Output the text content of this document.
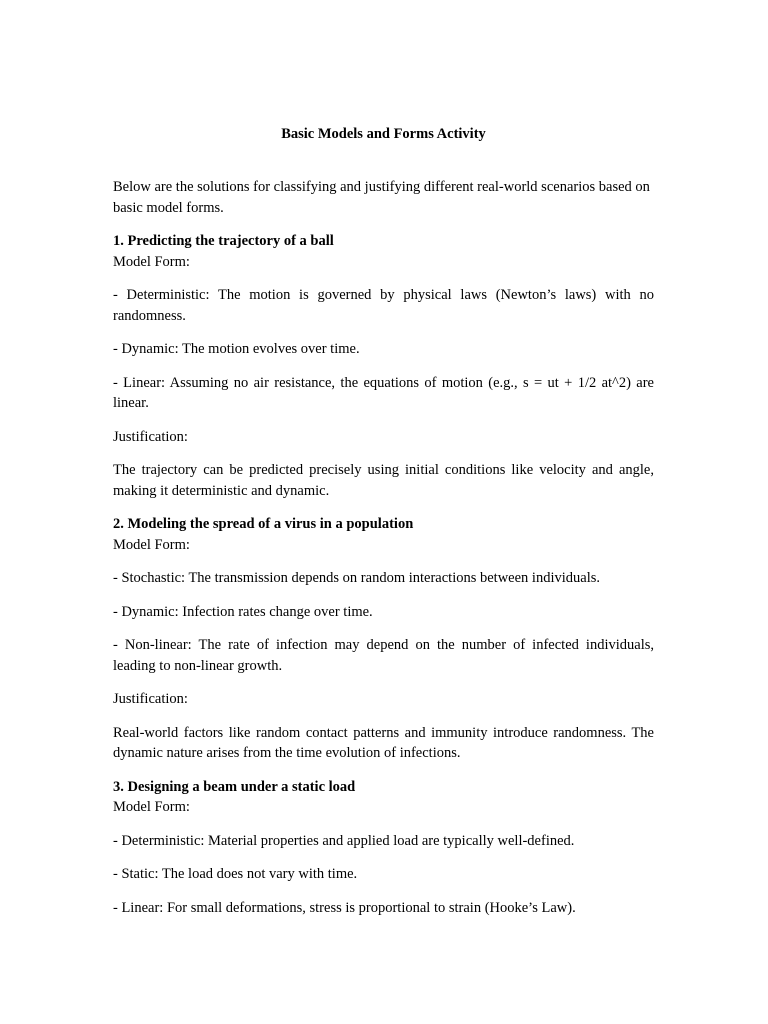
Basic Models and Forms Activity

Below are the solutions for classifying and justifying different real-world scenarios based on basic model forms.

1. Predicting the trajectory of a ball
Model Form:

- Deterministic: The motion is governed by physical laws (Newton’s laws) with no randomness.

- Dynamic: The motion evolves over time.

- Linear: Assuming no air resistance, the equations of motion (e.g., s = ut + 1/2 at^2) are linear.

Justification:

The trajectory can be predicted precisely using initial conditions like velocity and angle, making it deterministic and dynamic.

2. Modeling the spread of a virus in a population
Model Form:

- Stochastic: The transmission depends on random interactions between individuals.

- Dynamic: Infection rates change over time.

- Non-linear: The rate of infection may depend on the number of infected individuals, leading to non-linear growth.

Justification:

Real-world factors like random contact patterns and immunity introduce randomness. The dynamic nature arises from the time evolution of infections.

3. Designing a beam under a static load
Model Form:

- Deterministic: Material properties and applied load are typically well-defined.

- Static: The load does not vary with time.

- Linear: For small deformations, stress is proportional to strain (Hooke’s Law).
